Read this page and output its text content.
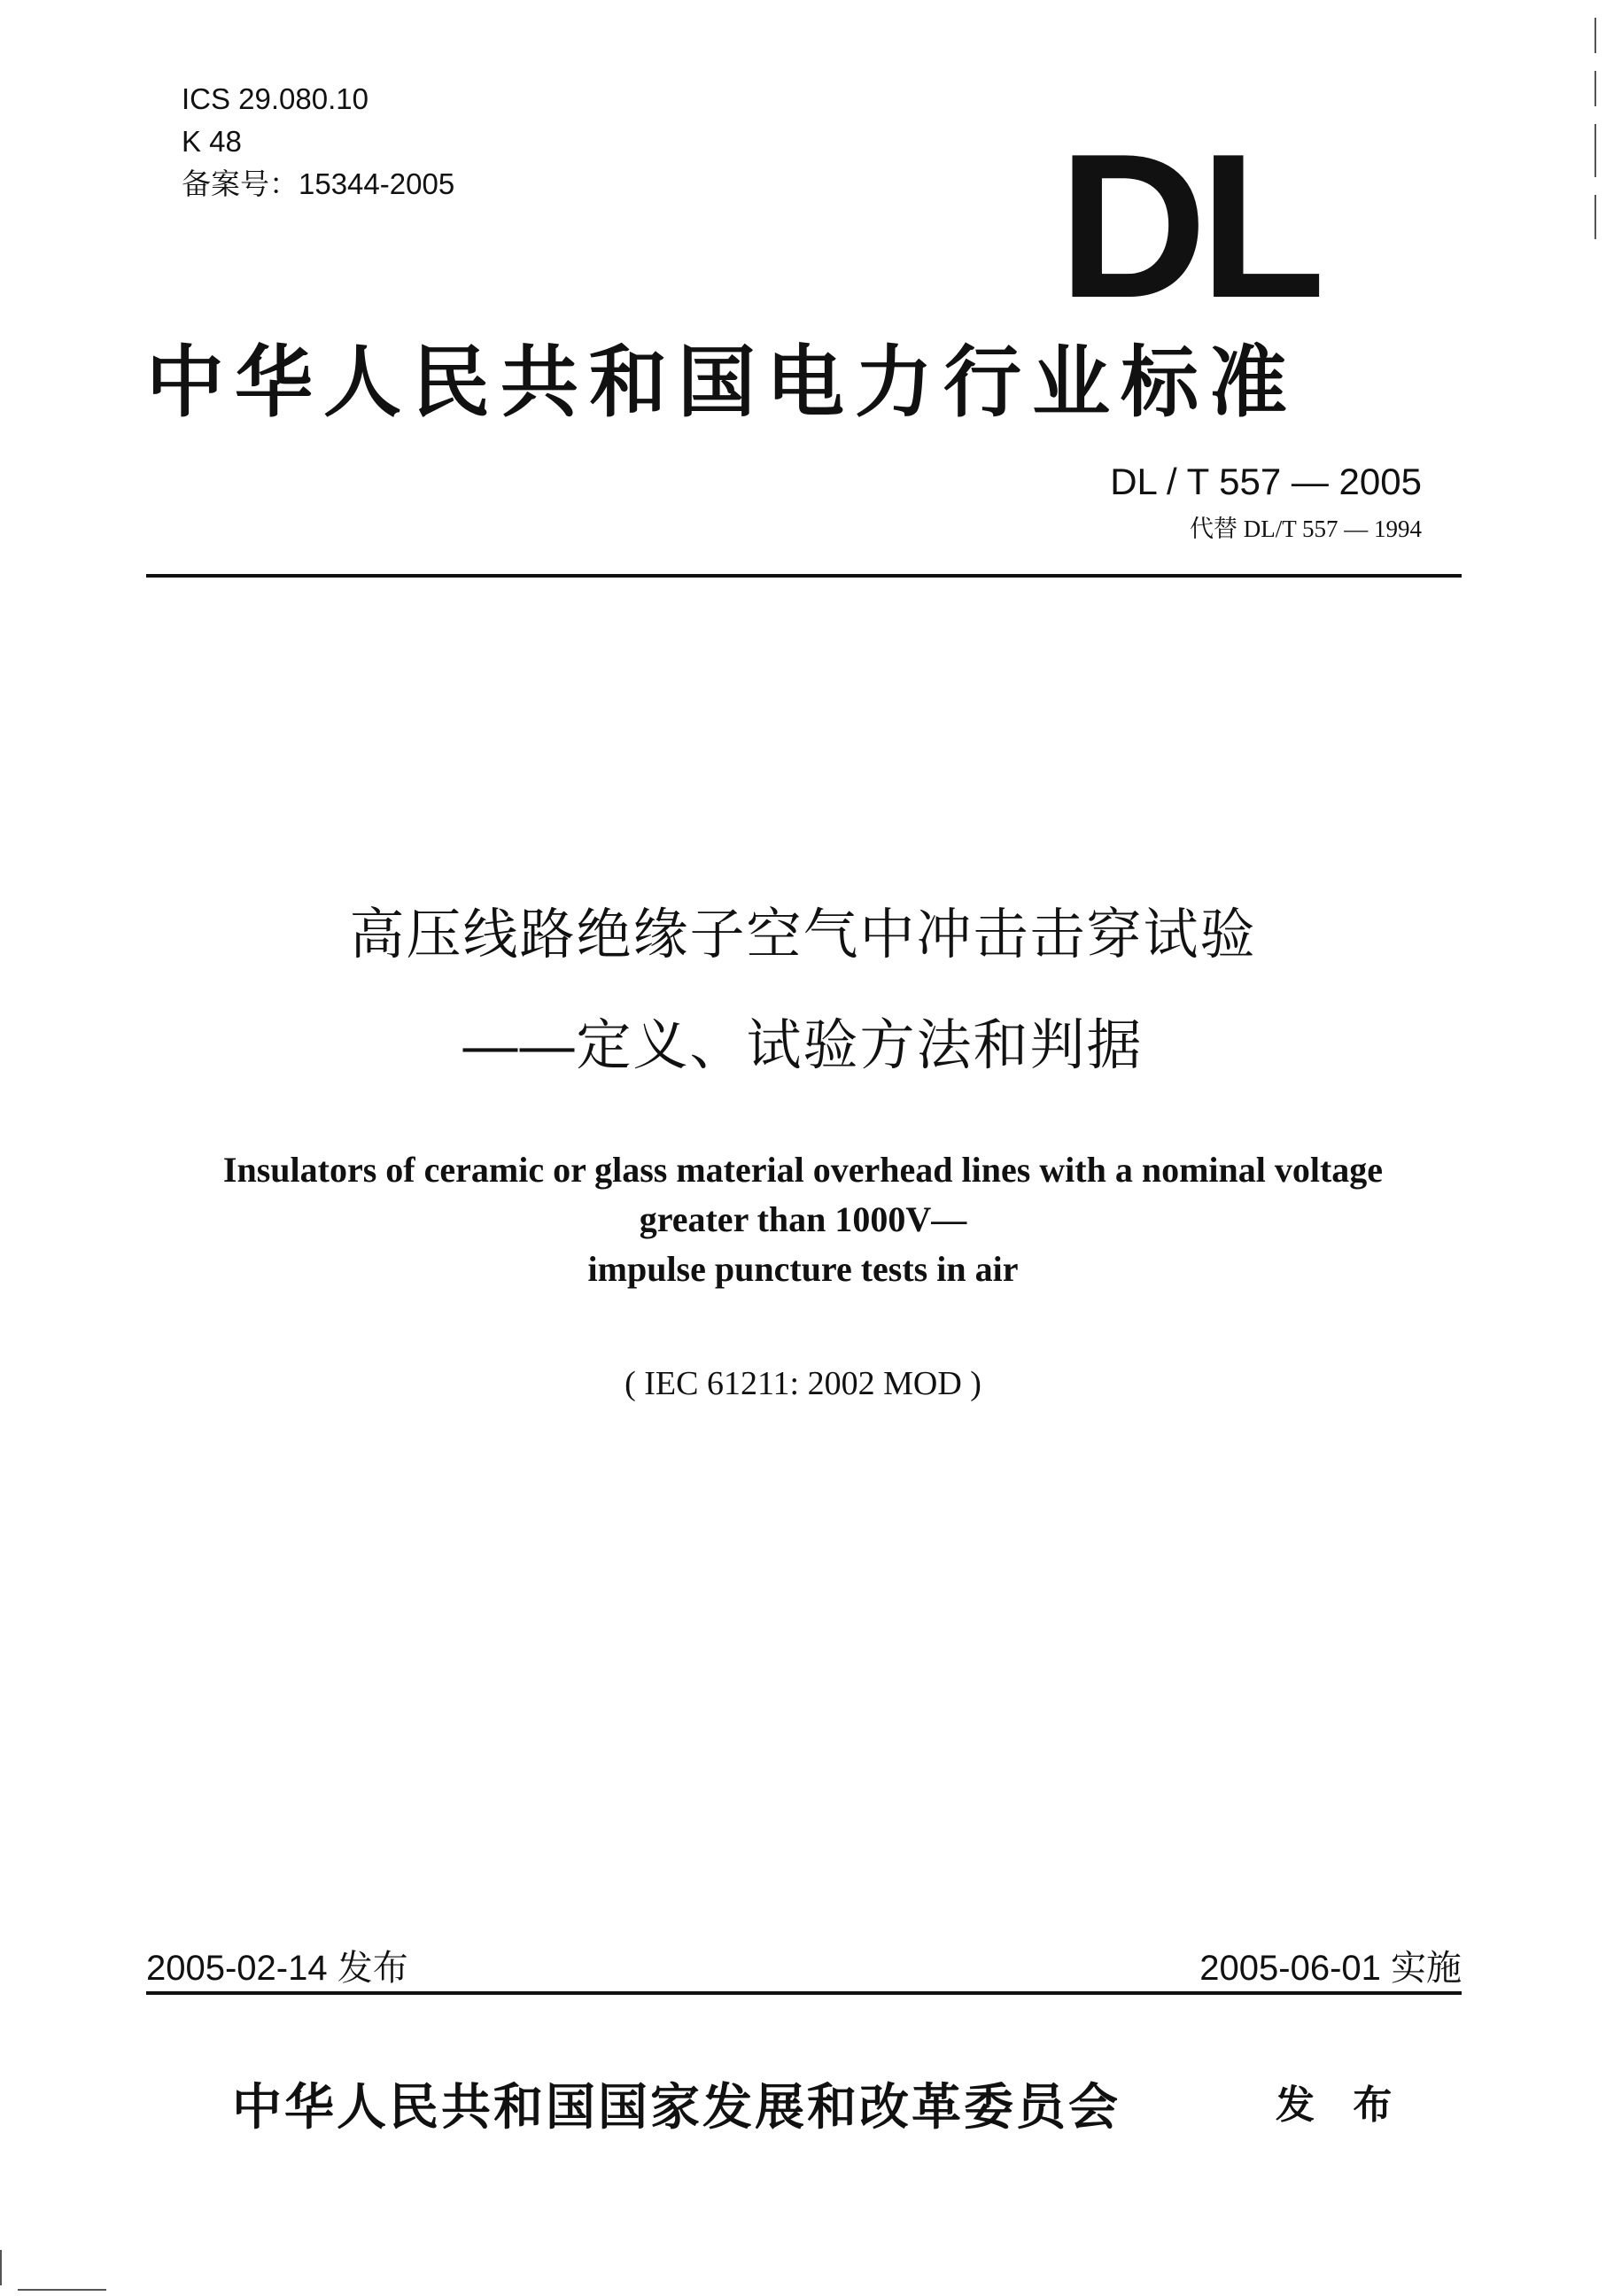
ICS 29.080.10
K 48
备案号：15344-2005	DL
中华人民共和国电力行业标准
DL / T 557 — 2005
代替 DL/T 557 — 1994
高压线路绝缘子空气中冲击击穿试验
——定义、试验方法和判据
Insulators of ceramic or glass material overhead lines with a nominal voltage
greater than 1000V—
impulse puncture tests in air
( IEC 61211: 2002 MOD )
2005-02-14 发布	2005-06-01 实施
中华人民共和国国家发展和改革委员会	发 布
